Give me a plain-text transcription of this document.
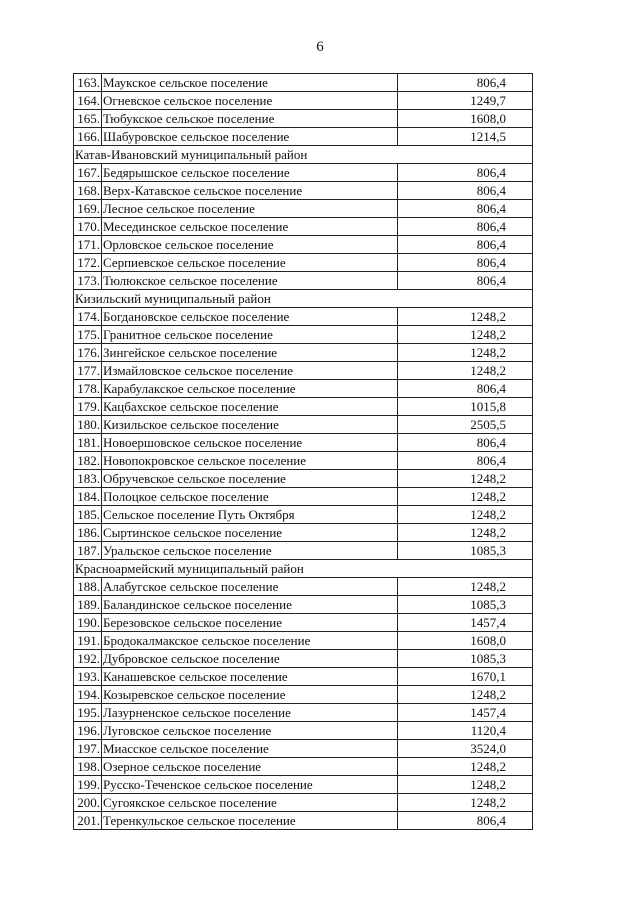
6
163.	Маукское сельское поселение	806,4
164.	Огневское сельское поселение	1249,7
165.	Тюбукское сельское поселение	1608,0
166.	Шабуровское сельское поселение	1214,5
Катав-Ивановский муниципальный район		
167.	Бедярышское сельское поселение	806,4
168.	Верх-Катавское сельское поселение	806,4
169.	Лесное сельское поселение	806,4
170.	Месединское сельское поселение	806,4
171.	Орловское сельское поселение	806,4
172.	Серпиевское сельское поселение	806,4
173.	Тюлюкское сельское поселение	806,4
Кизильский муниципальный район		
174.	Богдановское сельское поселение	1248,2
175.	Гранитное сельское поселение	1248,2
176.	Зингейское сельское поселение	1248,2
177.	Измайловское сельское поселение	1248,2
178.	Карабулакское сельское поселение	806,4
179.	Кацбахское сельское поселение	1015,8
180.	Кизильское сельское поселение	2505,5
181.	Новоершовское сельское поселение	806,4
182.	Новопокровское сельское поселение	806,4
183.	Обручевское сельское поселение	1248,2
184.	Полоцкое сельское поселение	1248,2
185.	Сельское поселение Путь Октября	1248,2
186.	Сыртинское сельское поселение	1248,2
187.	Уральское сельское поселение	1085,3
Красноармейский муниципальный район		
188.	Алабугское сельское поселение	1248,2
189.	Баландинское сельское поселение	1085,3
190.	Березовское сельское поселение	1457,4
191.	Бродокалмакское сельское поселение	1608,0
192.	Дубровское сельское поселение	1085,3
193.	Канашевское сельское поселение	1670,1
194.	Козыревское сельское поселение	1248,2
195.	Лазурненское сельское поселение	1457,4
196.	Луговское сельское поселение	1120,4
197.	Миасское сельское поселение	3524,0
198.	Озерное сельское поселение	1248,2
199.	Русско-Теченское сельское поселение	1248,2
200.	Сугоякское сельское поселение	1248,2
201.	Теренкульское сельское поселение	806,4
